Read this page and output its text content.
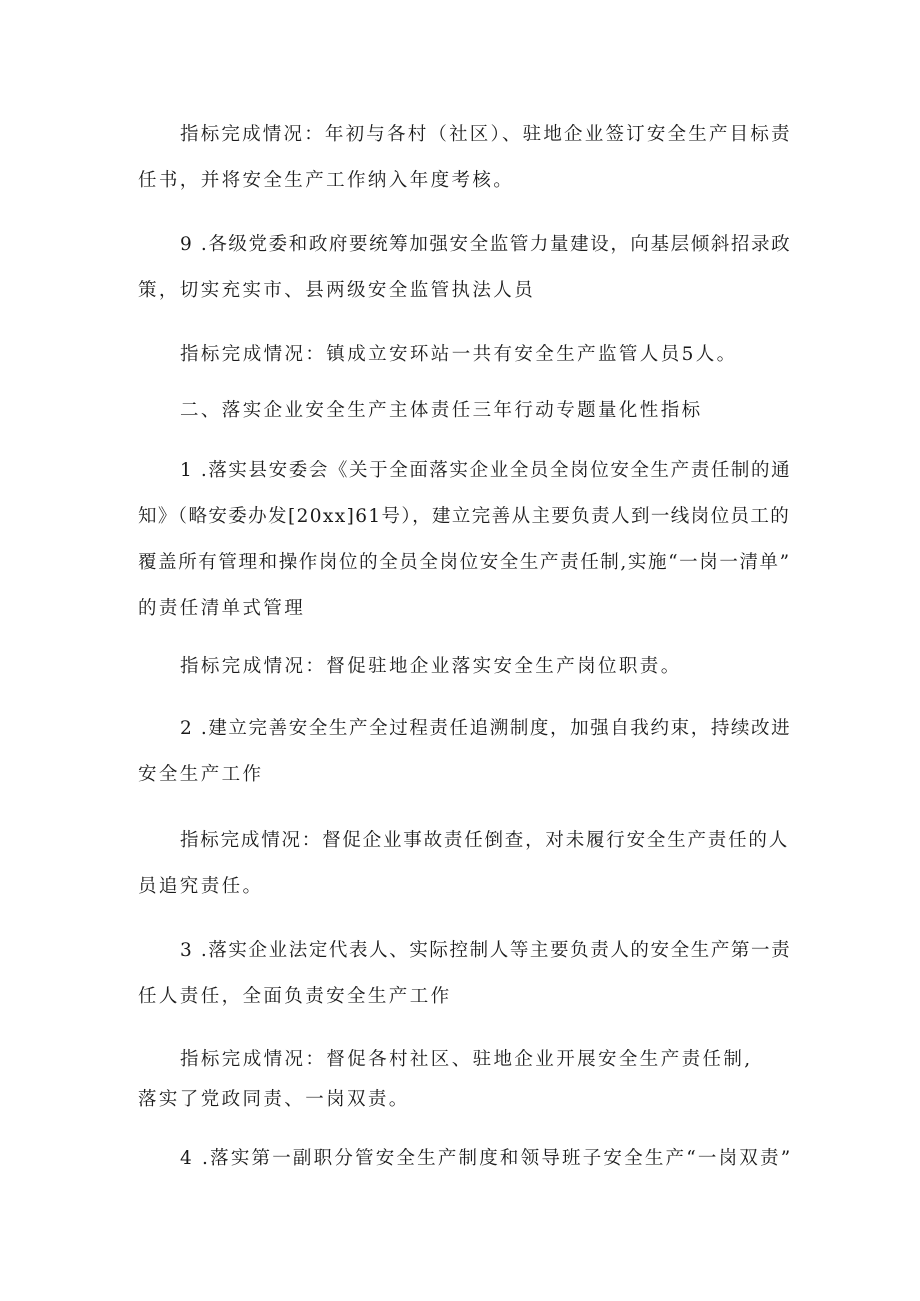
指标完成情况：年初与各村（社区）、驻地企业签订安全生产目标责
任书，并将安全生产工作纳入年度考核。
9 .各级党委和政府要统筹加强安全监管力量建设，向基层倾斜招录政
策，切实充实市、县两级安全监管执法人员
指标完成情况：镇成立安环站一共有安全生产监管人员5人。
二、落实企业安全生产主体责任三年行动专题量化性指标
1 .落实县安委会《关于全面落实企业全员全岗位安全生产责任制的通
知》（略安委办发[20xx]61号），建立完善从主要负责人到一线岗位员工的
覆盖所有管理和操作岗位的全员全岗位安全生产责任制,实施“一岗一清单”
的责任清单式管理
指标完成情况：督促驻地企业落实安全生产岗位职责。
2 .建立完善安全生产全过程责任追溯制度，加强自我约束，持续改进
安全生产工作
指标完成情况：督促企业事故责任倒查，对未履行安全生产责任的人
员追究责任。
3 .落实企业法定代表人、实际控制人等主要负责人的安全生产第一责
任人责任，全面负责安全生产工作
指标完成情况：督促各村社区、驻地企业开展安全生产责任制,
落实了党政同责、一岗双责。
4 .落实第一副职分管安全生产制度和领导班子安全生产“一岗双责”
